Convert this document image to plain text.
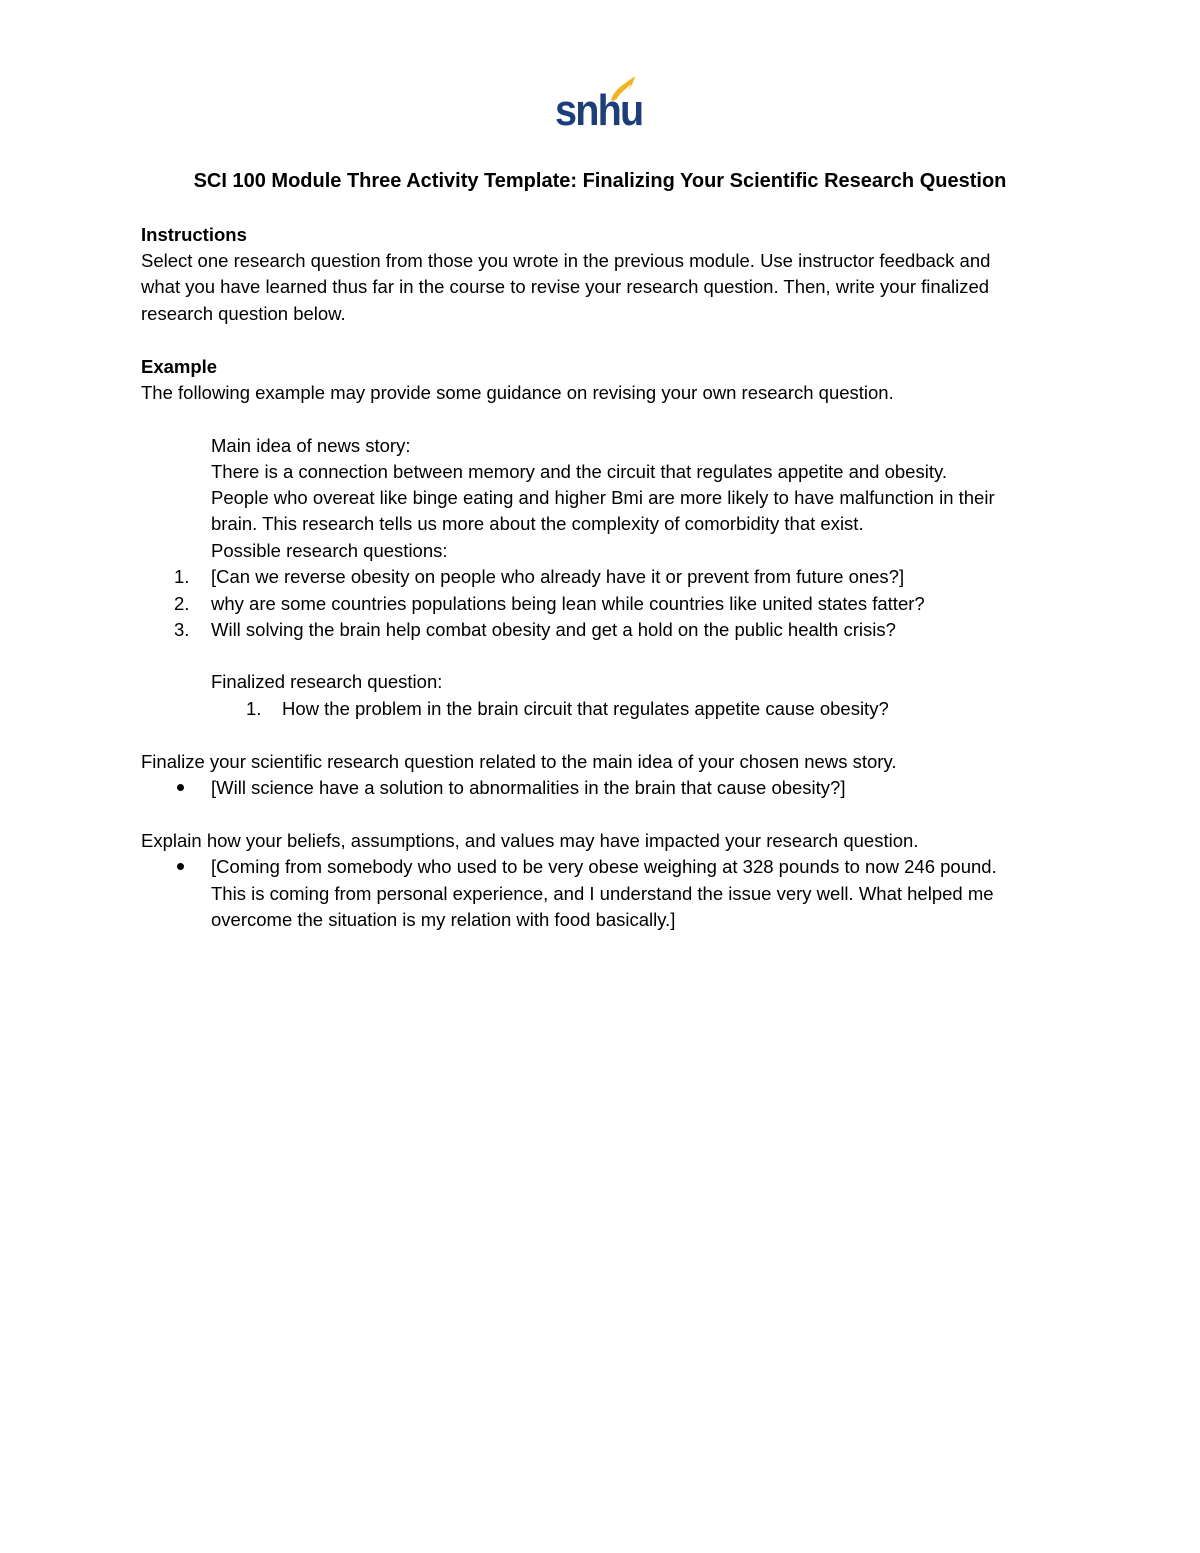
snhu
SCI 100 Module Three Activity Template: Finalizing Your Scientific Research Question
Instructions
Select one research question from those you wrote in the previous module. Use instructor feedback and
what you have learned thus far in the course to revise your research question. Then, write your finalized
research question below.
Example
The following example may provide some guidance on revising your own research question.
Main idea of news story:
There is a connection between memory and the circuit that regulates appetite and obesity.
People who overeat like binge eating and higher Bmi are more likely to have malfunction in their
brain. This research tells us more about the complexity of comorbidity that exist.
Possible research questions:
1. [Can we reverse obesity on people who already have it or prevent from future ones?]
2. why are some countries populations being lean while countries like united states fatter?
3. Will solving the brain help combat obesity and get a hold on the public health crisis?
Finalized research question:
1. How the problem in the brain circuit that regulates appetite cause obesity?
Finalize your scientific research question related to the main idea of your chosen news story.
[Will science have a solution to abnormalities in the brain that cause obesity?]
Explain how your beliefs, assumptions, and values may have impacted your research question.
[Coming from somebody who used to be very obese weighing at 328 pounds to now 246 pound.
This is coming from personal experience, and I understand the issue very well. What helped me
overcome the situation is my relation with food basically.]
